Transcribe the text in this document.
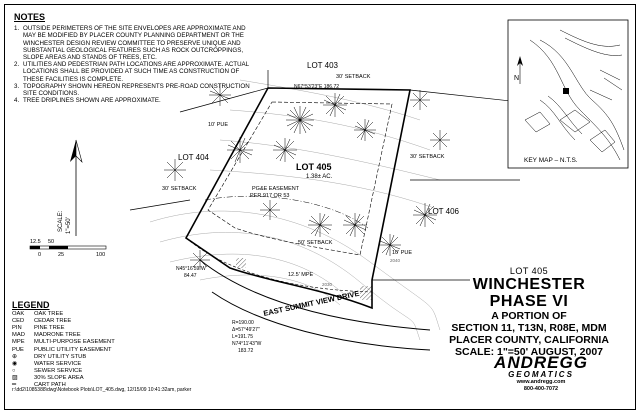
NOTES
1. OUTSIDE PERIMETERS OF THE SITE ENVELOPES ARE APPROXIMATE AND MAY BE MODIFIED BY PLACER COUNTY PLANNING DEPARTMENT OR THE WINCHESTER DESIGN REVIEW COMMITTEE TO PRESERVE UNIQUE AND SUBSTANTIAL GEOLOGICAL FEATURES SUCH AS ROCK OUTCROPPINGS, SLOPE AREAS AND STANDS OF TREES, ETC.
2. UTILITIES AND PEDESTRIAN PATH LOCATIONS ARE APPROXIMATE. ACTUAL LOCATIONS SHALL BE PROVIDED AT SUCH TIME AS CONSTRUCTION OF THESE FACILITIES IS COMPLETE.
3. TOPOGRAPHY SHOWN HEREON REPRESENTS PRE-ROAD CONSTRUCTION SITE CONDITIONS.
4. TREE DRIPLINES SHOWN ARE APPROXIMATE.
SCALE: 1"=50'
12.5
0	25
50
100
LEGEND
OAK	OAK TREE
CED	CEDAR TREE
PIN	PINE TREE
MAD	MADRONE TREE
MPE	MULTI-PURPOSE EASEMENT
PUE	PUBLIC UTILITY EASEMENT
⊕	DRY UTILITY STUB
◉	WATER SERVICE
○	SEWER SERVICE
▨	30% SLOPE AREA
═	CART PATH
LOT 403
LOT 404
LOT 405
1.38± AC.
LOT 406
30' SETBACK
N67°53'23"E 186.72
30' SETBACK
30' SETBACK
10' PUE
10' PUE
PG&E EASEMENT
PER 917 OR 53
50' SETBACK
12.5' MPE
N45°16'59"W
84.47
R=190.00
Δ=57°49'27"
L=191.75
N74°11'43"W
183.72
EAST SUMMIT VIEW DRIVE
2030
2040
N
KEY MAP – N.T.S.
LOT 405
WINCHESTER
PHASE VI
A PORTION OF
SECTION 11, T13N, R08E, MDM
PLACER COUNTY, CALIFORNIA
SCALE: 1"=50' AUGUST, 2007
ANDREGG
GEOMATICS
www.andregg.com
800-400-7072
r:\dd2\1085388\dwg\Notebook Plots\LOT_405.dwg, 12/15/09 10:41:32am, parker
